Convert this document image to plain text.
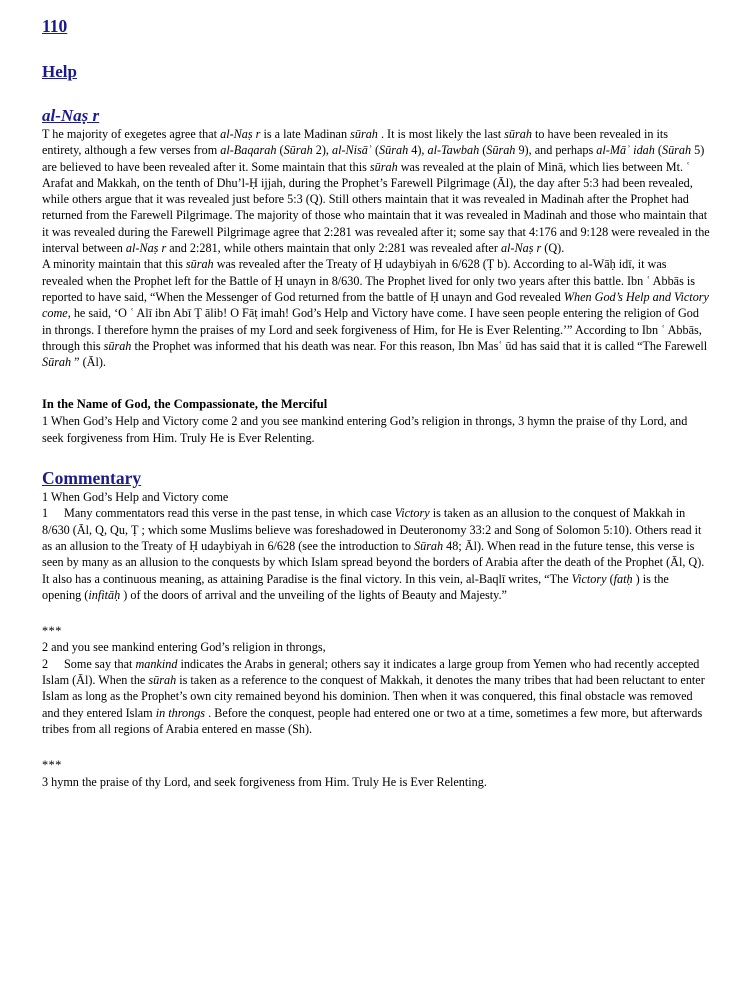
110
Help
al-Naṣ r

T he majority of exegetes agree that al-Naṣ r is a late Madinan sūrah . It is most likely the last sūrah to have been revealed in its entirety, although a few verses from al-Baqarah (Sūrah 2), al-Nisāʾ (Sūrah 4), al-Tawbah (Sūrah 9), and perhaps al-Māʾ idah (Sūrah 5) are believed to have been revealed after it. Some maintain that this sūrah was revealed at the plain of Minā, which lies between Mt. ʿ Arafat and Makkah, on the tenth of Dhu’l-Ḥ ijjah, during the Prophet’s Farewell Pilgrimage (Āl), the day after 5:3 had been revealed, while others argue that it was revealed just before 5:3 (Q). Still others maintain that it was revealed in Madinah after the Prophet had returned from the Farewell Pilgrimage. The majority of those who maintain that it was revealed in Madinah and those who maintain that it was revealed during the Farewell Pilgrimage agree that 2:281 was revealed after it; some say that 4:176 and 9:128 were revealed in the interval between al-Naṣ r and 2:281, while others maintain that only 2:281 was revealed after al-Naṣ r (Q).

A minority maintain that this sūrah was revealed after the Treaty of Ḥ udaybiyah in 6/628 (Ṭ b). According to al-Wāḥ idī, it was revealed when the Prophet left for the Battle of Ḥ unayn in 8/630. The Prophet lived for only two years after this battle. Ibn ʿ Abbās is reported to have said, “When the Messenger of God returned from the battle of Ḥ unayn and God revealed When God’s Help and Victory come, he said, ‘O ʿ Alī ibn Abī Ṭ ālib! O Fāṭ imah! God’s Help and Victory have come. I have seen people entering the religion of God in throngs. I therefore hymn the praises of my Lord and seek forgiveness of Him, for He is Ever Relenting.’” According to Ibn ʿ Abbās, through this sūrah the Prophet was informed that his death was near. For this reason, Ibn Masʿ ūd has said that it is called “The Farewell Sūrah ” (Āl).

In the Name of God, the Compassionate, the Merciful

1 When God’s Help and Victory come 2 and you see mankind entering God’s religion in throngs, 3 hymn the praise of thy Lord, and seek forgiveness from Him. Truly He is Ever Relenting.

Commentary

1 When God’s Help and Victory come

1 Many commentators read this verse in the past tense, in which case Victory is taken as an allusion to the conquest of Makkah in 8/630 (Āl, Q, Qu, Ṭ ; which some Muslims believe was foreshadowed in Deuteronomy 33:2 and Song of Solomon 5:10). Others read it as an allusion to the Treaty of Ḥ udaybiyah in 6/628 (see the introduction to Sūrah 48; Āl). When read in the future tense, this verse is seen by many as an allusion to the conquests by which Islam spread beyond the borders of Arabia after the death of the Prophet (Āl, Q). It also has a continuous meaning, as attaining Paradise is the final victory. In this vein, al-Baqlī writes, “The Victory (fatḥ ) is the opening (infitāḥ ) of the doors of arrival and the unveiling of the lights of Beauty and Majesty.”

***

2 and you see mankind entering God’s religion in throngs,

2 Some say that mankind indicates the Arabs in general; others say it indicates a large group from Yemen who had recently accepted Islam (Āl). When the sūrah is taken as a reference to the conquest of Makkah, it denotes the many tribes that had been reluctant to enter Islam as long as the Prophet’s own city remained beyond his dominion. Then when it was conquered, this final obstacle was removed and they entered Islam in throngs . Before the conquest, people had entered one or two at a time, sometimes a few more, but afterwards tribes from all regions of Arabia entered en masse (Sh).

***

3 hymn the praise of thy Lord, and seek forgiveness from Him. Truly He is Ever Relenting.
